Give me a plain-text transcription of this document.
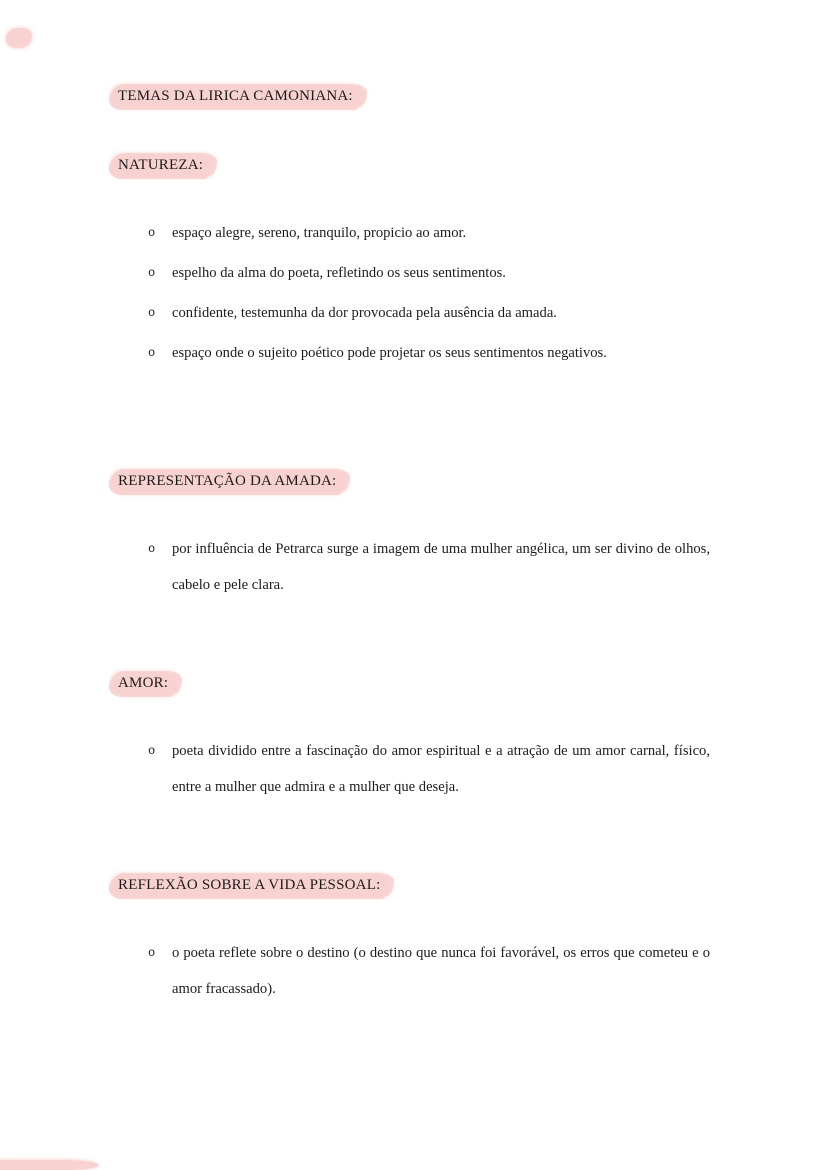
TEMAS DA LIRICA CAMONIANA:
NATUREZA:
o	espaço alegre, sereno, tranquilo, propicio ao amor.

o	espelho da alma do poeta, refletindo os seus sentimentos.

o	confidente, testemunha da dor provocada pela ausência da amada.

o	espaço onde o sujeito poético pode projetar os seus sentimentos negativos.

REPRESENTAÇÃO DA AMADA:
o	por influência de Petrarca surge a imagem de uma mulher angélica, um ser divino de olhos, cabelo e pele clara.

AMOR:
o	poeta dividido entre a fascinação do amor espiritual e a atração de um amor carnal, físico, entre a mulher que admira e a mulher que deseja.

REFLEXÃO SOBRE A VIDA PESSOAL:
o	o poeta reflete sobre o destino (o destino que nunca foi favorável, os erros que cometeu e o amor fracassado).
